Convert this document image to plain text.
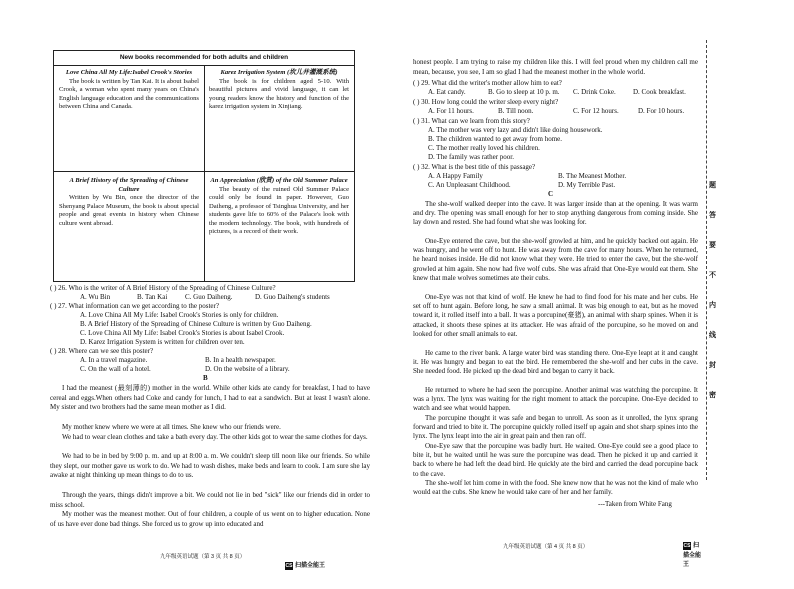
New books recommended for both adults and children
Love China All My Life:Isabel Crook's Stories
The book is written by Tan Kai. It is about Isabel Crook, a woman who spent many years on China's English language education and the communications between China and Canada.
Karez Irrigation System (坎儿井灌溉系统)
The book is for children aged 5-10. With beautiful pictures and vivid language, it can let young readers know the history and function of the karez irrigation system in Xinjiang.
A Brief History of the Spreading of Chinese Culture
Written by Wu Bin, once the director of the Shenyang Palace Museum, the book is about special people and great events in history when Chinese culture went abroad.
An Appreciation (欣赏) of the Old Summer Palace
The beauty of the ruined Old Summer Palace could only be found in paper. However, Guo Daiheng, a professor of Tsinghua University, and her students gave life to 60% of the Palace's look with the modern technology. The book, with hundreds of pictures, is a record of their work.
( ) 26. Who is the writer of A Brief History of the Spreading of Chinese Culture?
A. Wu Bin	B. Tan Kai	C. Guo Daiheng.	D. Guo Daiheng's students
( ) 27. What information can we get according to the poster?
A. Love China All My Life: Isabel Crook's Stories is only for children.
B. A Brief History of the Spreading of Chinese Culture is written by Guo Daiheng.
C. Love China All My Life: Isabel Crook's Stories is about Isabel Crook.
D. Karez Irrigation System is written for children over ten.
( ) 28. Where can we see this poster?
A. In a travel magazine.	B. In a health newspaper.
C. On the wall of a hotel.	D. On the website of a library.
B
I had the meanest (最刻薄的) mother in the world. While other kids ate candy for breakfast, I had to have cereal and eggs.When others had Coke and candy for lunch, I had to eat a sandwich. But at least I wasn't alone. My sister and two brothers had the same mean mother as I did.
My mother knew where we were at all times. She knew who our friends were.
We had to wear clean clothes and take a bath every day. The other kids got to wear the same clothes for days.
We had to be in bed by 9:00 p. m. and up at 8:00 a. m. We couldn't sleep till noon like our friends. So while they slept, our mother gave us work to do. We had to wash dishes, make beds and learn to cook. I am sure she lay awake at night thinking up mean things to do to us.
Through the years, things didn't improve a bit. We could not lie in bed "sick" like our friends did in order to miss school.
My mother was the meanest mother. Out of four children, a couple of us went on to higher education. None of us have ever done bad things. She forced us to grow up into educated and
九年级英语试题（第 3 页 共 8 页）
CS 扫描全能王
honest people. I am trying to raise my children like this. I will feel proud when my children call me mean, because, you see, I am so glad I had the meanest mother in the whole world.
( ) 29. What did the writer's mother allow him to eat?
A. Eat candy.	B. Go to sleep at 10 p. m. C. Drink Coke. D. Cook breakfast.
( ) 30. How long could the writer sleep every night?
A. For 11 hours.	B. Till noon.	C. For 12 hours.	D. For 10 hours.
( ) 31. What can we learn from this story?
A. The mother was very lazy and didn't like doing housework.
B. The children wanted to get away from home.
C. The mother really loved his children.
D. The family was rather poor.
( ) 32. What is the best title of this passage?
A. A Happy Family	B. The Meanest Mother.
C. An Unpleasant Childhood.	D. My Terrible Past.
C
The she-wolf walked deeper into the cave. It was larger inside than at the opening. It was warm and dry. The opening was small enough for her to stop anything dangerous from coming inside. She lay down and rested. She had found what she was looking for.
One-Eye entered the cave, but the she-wolf growled at him, and he quickly backed out again. He was hungry, and he went off to hunt. He was away from the cave for many hours. When he returned, he heard noises inside. He did not know what they were. He tried to enter the cave, but the she-wolf growled at him again. She now had five wolf cubs. She was afraid that One-Eye would eat them. She knew that male wolves sometimes ate their cubs.
One-Eye was not that kind of wolf. He knew he had to find food for his mate and her cubs. He set off to hunt again. Before long, he saw a small animal. It was big enough to eat, but as he moved toward it, it rolled itself into a ball. It was a porcupine(豪猪), an animal with sharp spines. When it is attacked, it shoots these spines at its attacker. He was afraid of the porcupine, so he moved on and looked for other small animals to eat.
He came to the river bank. A large water bird was standing there. One-Eye leapt at it and caught it. He was hungry and began to eat the bird. He remembered the she-wolf and her cubs in the cave. She needed food. He picked up the dead bird and began to carry it back.
He returned to where he had seen the porcupine. Another animal was watching the porcupine. It was a lynx. The lynx was waiting for the right moment to attack the porcupine. One-Eye decided to watch and see what would happen.
The porcupine thought it was safe and began to unroll. As soon as it unrolled, the lynx sprang forward and tried to bite it. The porcupine quickly rolled itself up again and shot sharp spines into the lynx. The lynx leapt into the air in great pain and then ran off.
One-Eye saw that the porcupine was badly hurt. He waited. One-Eye could see a good place to bite it, but he waited until he was sure the porcupine was dead. Then he picked it up and carried it back to where he had left the dead bird. He quickly ate the bird and carried the dead porcupine back to the cave.
The she-wolf let him come in with the food. She knew now that he was not the kind of male who would eat the cubs. She knew he would take care of her and her family.
---Taken from White Fang
九年级英语试题（第 4 页 共 8 页）	CS 扫描全能王
题
答
要
不
内
线
封
密
